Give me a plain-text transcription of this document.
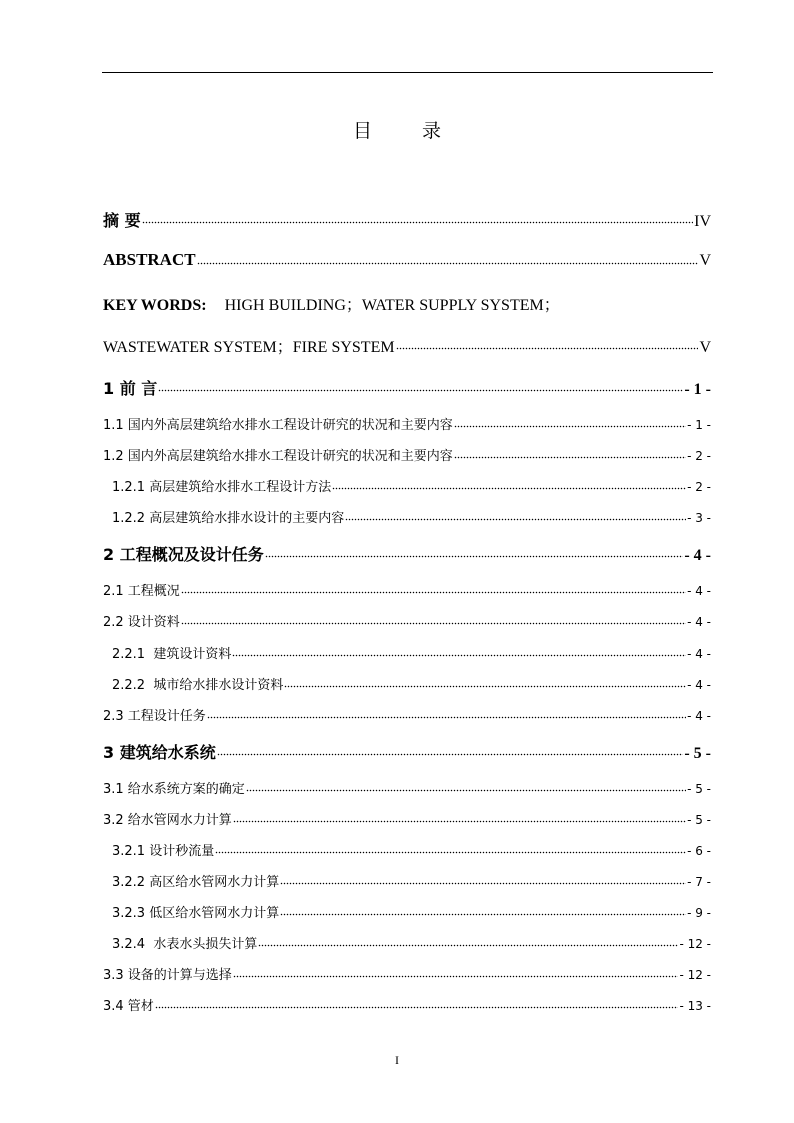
目 录
摘 要	IV
ABSTRACT	V
KEY WORDS: HIGH BUILDING；WATER SUPPLY SYSTEM；
WASTEWATER SYSTEM；FIRE SYSTEM	V
1 前 言	- 1 -
1.1 国内外高层建筑给水排水工程设计研究的状况和主要内容	- 1 -
1.2 国内外高层建筑给水排水工程设计研究的状况和主要内容	- 2 -
1.2.1 高层建筑给水排水工程设计方法	- 2 -
1.2.2 高层建筑给水排水设计的主要内容	- 3 -
2 工程概况及设计任务	- 4 -
2.1 工程概况	- 4 -
2.2 设计资料	- 4 -
2.2.1  建筑设计资料	- 4 -
2.2.2  城市给水排水设计资料	- 4 -
2.3 工程设计任务	- 4 -
3 建筑给水系统	- 5 -
3.1 给水系统方案的确定	- 5 -
3.2 给水管网水力计算	- 5 -
3.2.1 设计秒流量	- 6 -
3.2.2 高区给水管网水力计算	- 7 -
3.2.3 低区给水管网水力计算	- 9 -
3.2.4  水表水头损失计算	- 12 -
3.3 设备的计算与选择	- 12 -
3.4 管材	- 13 -
I
